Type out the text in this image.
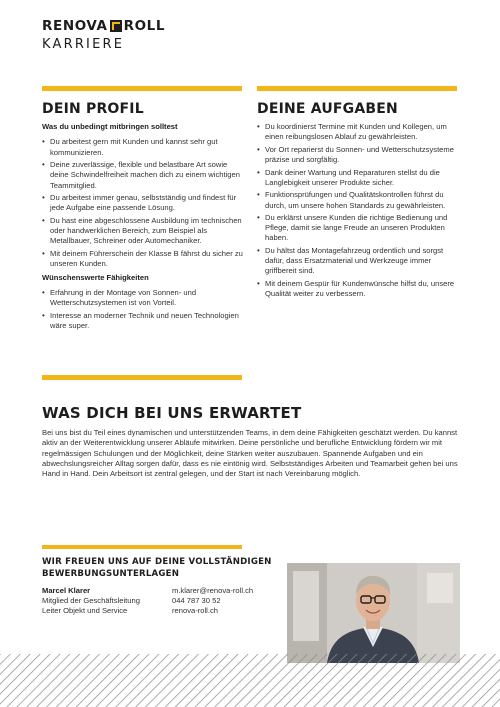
RENOVA ROLL
KARRIERE
DEIN PROFIL
Was du unbedingt mitbringen solltest
• Du arbeitest gern mit Kunden und kannst sehr gut kommunizieren.
• Deine zuverlässige, flexible und belastbare Art sowie deine Schwindelfreiheit machen dich zu einem wichtigen Teammitglied.
• Du arbeitest immer genau, selbstständig und findest für jede Aufgabe eine passende Lösung.
• Du hast eine abgeschlossene Ausbildung im technischen oder handwerklichen Bereich, zum Beispiel als Metallbauer, Schreiner oder Automechaniker.
• Mit deinem Führerschein der Klasse B fährst du sicher zu unseren Kunden.
Wünschenswerte Fähigkeiten
• Erfahrung in der Montage von Sonnen- und Wetterschutzsystemen ist von Vorteil.
• Interesse an moderner Technik und neuen Technologien wäre super.
DEINE AUFGABEN
• Du koordinierst Termine mit Kunden und Kollegen, um einen reibungslosen Ablauf zu gewährleisten.
• Vor Ort reparierst du Sonnen- und Wetterschutzsysteme präzise und sorgfältig.
• Dank deiner Wartung und Reparaturen stellst du die Langlebigkeit unserer Produkte sicher.
• Funktionsprüfungen und Qualitätskontrollen führst du durch, um unsere hohen Standards zu gewährleisten.
• Du erklärst unsere Kunden die richtige Bedienung und Pflege, damit sie lange Freude an unseren Produkten haben.
• Du hältst das Montagefahrzeug ordentlich und sorgst dafür, dass Ersatzmaterial und Werkzeuge immer griffbereit sind.
• Mit deinem Gespür für Kundenwünsche hilfst du, unsere Qualität weiter zu verbessern.
WAS DICH BEI UNS ERWARTET

Bei uns bist du Teil eines dynamischen und unterstützenden Teams, in dem deine Fähigkeiten geschätzt werden. Du kannst aktiv an der Weiterentwicklung unserer Abläufe mitwirken. Deine persönliche und berufliche Entwicklung fördern wir mit regelmässigen Schulungen und der Möglichkeit, deine Stärken weiter auszubauen. Spannende Aufgaben und ein abwechslungsreicher Alltag sorgen dafür, dass es nie eintönig wird. Selbstständiges Arbeiten und Teamarbeit gehen bei uns Hand in Hand. Dein Arbeitsort ist zentral gelegen, und der Start ist nach Vereinbarung möglich.

WIR FREUEN UNS AUF DEINE VOLLSTÄNDIGEN BEWERBUNGSUNTERLAGEN
Marcel Klarer	m.klarer@renova-roll.ch
Mitglied der Geschäftsleitung	044 787 30 52
Leiter Objekt und Service	renova-roll.ch
